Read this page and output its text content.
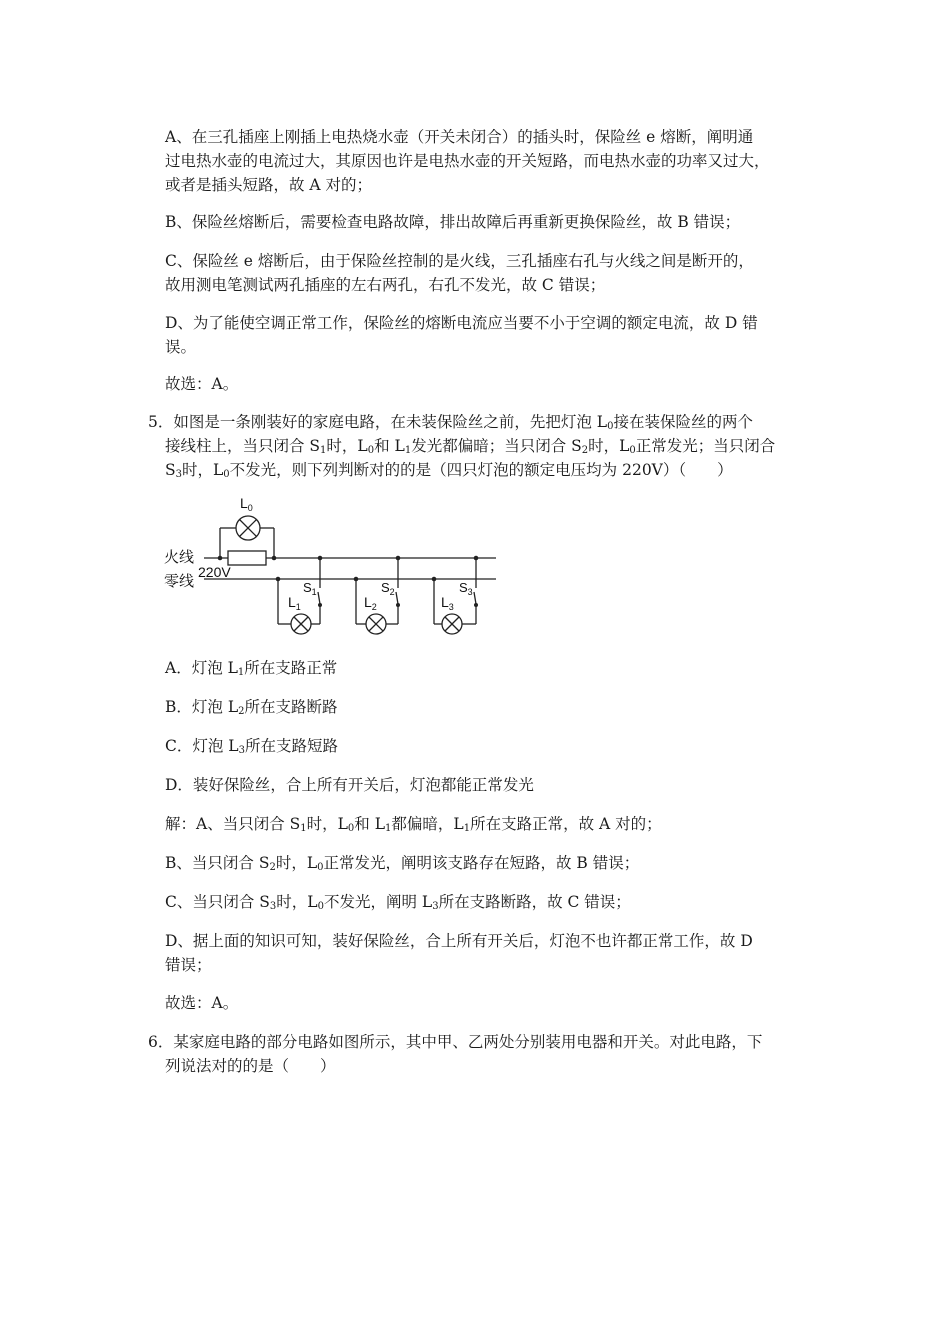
A、在三孔插座上刚插上电热烧水壶（开关未闭合）的插头时，保险丝 e 熔断，阐明通
过电热水壶的电流过大，其原因也许是电热水壶的开关短路，而电热水壶的功率又过大，
或者是插头短路，故 A 对的；
B、保险丝熔断后，需要检查电路故障，排出故障后再重新更换保险丝，故 B 错误；
C、保险丝 e 熔断后，由于保险丝控制的是火线，三孔插座右孔与火线之间是断开的，
故用测电笔测试两孔插座的左右两孔，右孔不发光，故 C 错误；
D、为了能使空调正常工作，保险丝的熔断电流应当要不小于空调的额定电流，故 D 错
误。
故选：A。
5．如图是一条刚装好的家庭电路，在未装保险丝之前，先把灯泡 $L_0$接在装保险丝的两个
接线柱上，当只闭合 $S_1$时，$L_0$和 $L_1$发光都偏暗；当只闭合 $S_2$时，$L_0$正常发光；当只闭合
$S_3$时，$L_0$不发光，则下列判断对的的是（四只灯泡的额定电压均为 220V）（　　）
火线
零线
220V
$L_0$
$L_1$	$L_2$	$L_3$
$S_1$	$S_2$	$S_3$
A．灯泡 $L_1$所在支路正常
B．灯泡 $L_2$所在支路断路
C．灯泡 $L_3$所在支路短路
D．装好保险丝，合上所有开关后，灯泡都能正常发光
解：A、当只闭合 $S_1$时，$L_0$和 $L_1$都偏暗，$L_1$所在支路正常，故 A 对的；
B、当只闭合 $S_2$时，$L_0$正常发光，阐明该支路存在短路，故 B 错误；
C、当只闭合 $S_3$时，$L_0$不发光，阐明 $L_3$所在支路断路，故 C 错误；
D、据上面的知识可知，装好保险丝，合上所有开关后，灯泡不也许都正常工作，故 D
错误；
故选：A。
6．某家庭电路的部分电路如图所示，其中甲、乙两处分别装用电器和开关。对此电路，下
列说法对的的是（　　）
